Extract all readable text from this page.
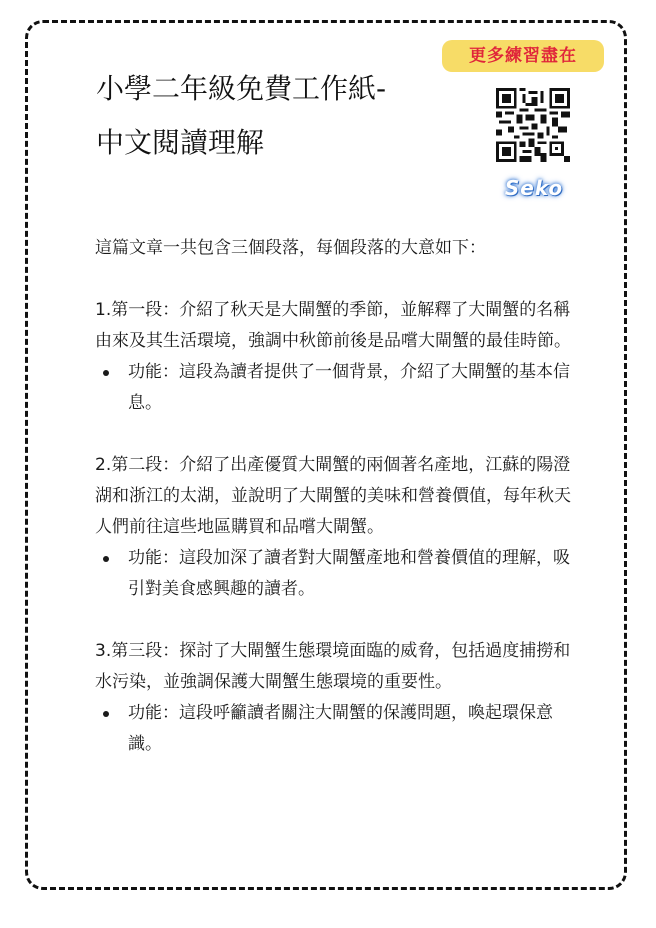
小學二年級免費工作紙-
中文閱讀理解
更多練習盡在
Seko

這篇文章一共包含三個段落，每個段落的大意如下：

1.第一段：介紹了秋天是大閘蟹的季節，並解釋了大閘蟹的名稱由來及其生活環境，強調中秋節前後是品嚐大閘蟹的最佳時節。

功能：這段為讀者提供了一個背景，介紹了大閘蟹的基本信息。

2.第二段：介紹了出產優質大閘蟹的兩個著名產地，江蘇的陽澄湖和浙江的太湖，並說明了大閘蟹的美味和營養價值，每年秋天人們前往這些地區購買和品嚐大閘蟹。

功能：這段加深了讀者對大閘蟹產地和營養價值的理解，吸引對美食感興趣的讀者。

3.第三段：探討了大閘蟹生態環境面臨的威脅，包括過度捕撈和水污染，並強調保護大閘蟹生態環境的重要性。

功能：這段呼籲讀者關注大閘蟹的保護問題，喚起環保意識。
